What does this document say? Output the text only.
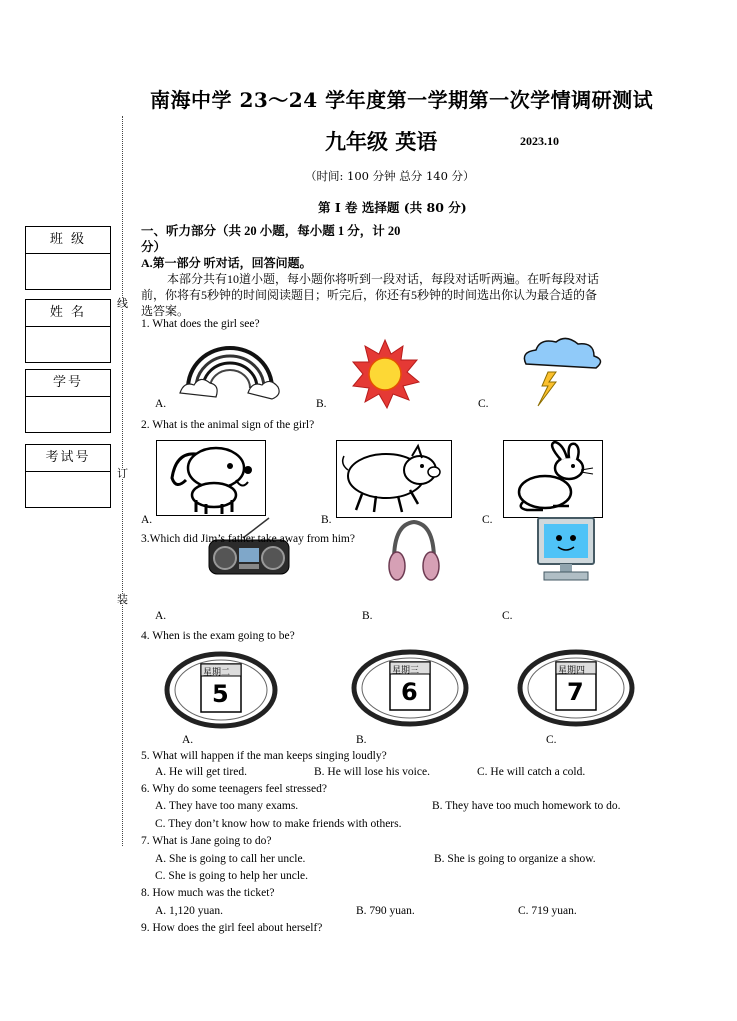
南海中学 23～24 学年度第一学期第一次学情调研测试
九年级 英语	2023.10
（时间: 100 分钟 总分 140 分）
第 I 卷 选择题 (共 80 分)
线
订
装
班 级
姓 名
学号
考试号
一、听力部分（共 20 小题，每小题 1 分，计 20
分）
A.第一部分 听对话，回答问题。
本部分共有10道小题，每小题你将听到一段对话，每段对话听两遍。在听每段对话
前，你将有5秒钟的时间阅读题目；听完后，你还有5秒钟的时间选出你认为最合适的备
选答案。
1. What does the girl see?
A.	B.	C.
2. What is the animal sign of the girl?
A.	B.	C.
3.Which did Jim’s father take away from him?
A.	B.	C.
4. When is the exam going to be?
星期二
5
星期三
6
星期四
7
A.	B.	C.
5. What will happen if the man keeps singing loudly?
A. He will get tired.	B. He will lose his voice.	C. He will catch a cold.
6. Why do some teenagers feel stressed?
A. They have too many exams.	B. They have too much homework to do.
C. They don’t know how to make friends with others.
7. What is Jane going to do?
A. She is going to call her uncle.	B. She is going to organize a show.
C. She is going to help her uncle.
8. How much was the ticket?
A. 1,120 yuan.	B. 790 yuan.	C. 719 yuan.
9. How does the girl feel about herself?
